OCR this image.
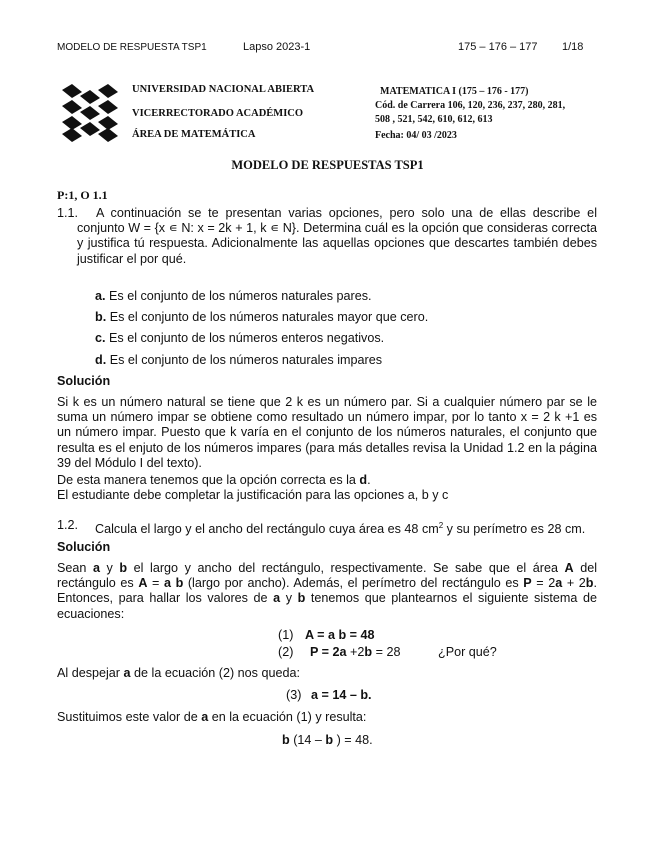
MODELO DE RESPUESTA TSP1	Lapso 2023-1	175 – 176 – 177 1/18
UNIVERSIDAD NACIONAL ABIERTA
VICERRECTORADO ACADÉMICO
ÁREA DE MATEMÁTICA
MATEMATICA I (175 – 176 - 177)
Cód. de Carrera 106, 120, 236, 237, 280, 281,
508 , 521, 542, 610, 612, 613
Fecha: 04/ 03 /2023
MODELO DE RESPUESTAS TSP1
P:1, O 1.1
1.1.	A continuación se te presentan varias opciones, pero solo una de ellas describe el conjunto W = {x ∊ N: x = 2k + 1, k ∊ N}. Determina cuál es la opción que consideras correcta y justifica tú respuesta. Adicionalmente las aquellas opciones que descartes también debes justificar el por qué.
a. Es el conjunto de los números naturales pares.
b. Es el conjunto de los números naturales mayor que cero.
c. Es el conjunto de los números enteros negativos.
d. Es el conjunto de los números naturales impares
Solución
Si k es un número natural se tiene que 2 k es un número par. Si a cualquier número par se le suma un número impar se obtiene como resultado un número impar, por lo tanto x = 2 k +1 es un número impar. Puesto que k varía en el conjunto de los números naturales, el conjunto que resulta es el enjuto de los números impares (para más detalles revisa la Unidad 1.2 en la página 39 del Módulo I del texto).
De esta manera tenemos que la opción correcta es la d.
El estudiante debe completar la justificación para las opciones a, b y c
1.2. Calcula el largo y el ancho del rectángulo cuya área es 48 $cm^2$ y su perímetro es 28 cm.
Solución
Sean a y b el largo y ancho del rectángulo, respectivamente. Se sabe que el área A del rectángulo es A = a b (largo por ancho). Además, el perímetro del rectángulo es P = 2a + 2b. Entonces, para hallar los valores de a y b tenemos que plantearnos el siguiente sistema de ecuaciones:
(1) A = a b = 48
(2) P = 2a +2b = 28	¿Por qué?
Al despejar a de la ecuación (2) nos queda:
(3) a = 14 – b.
Sustituimos este valor de a en la ecuación (1) y resulta:
b (14 – b ) = 48.
